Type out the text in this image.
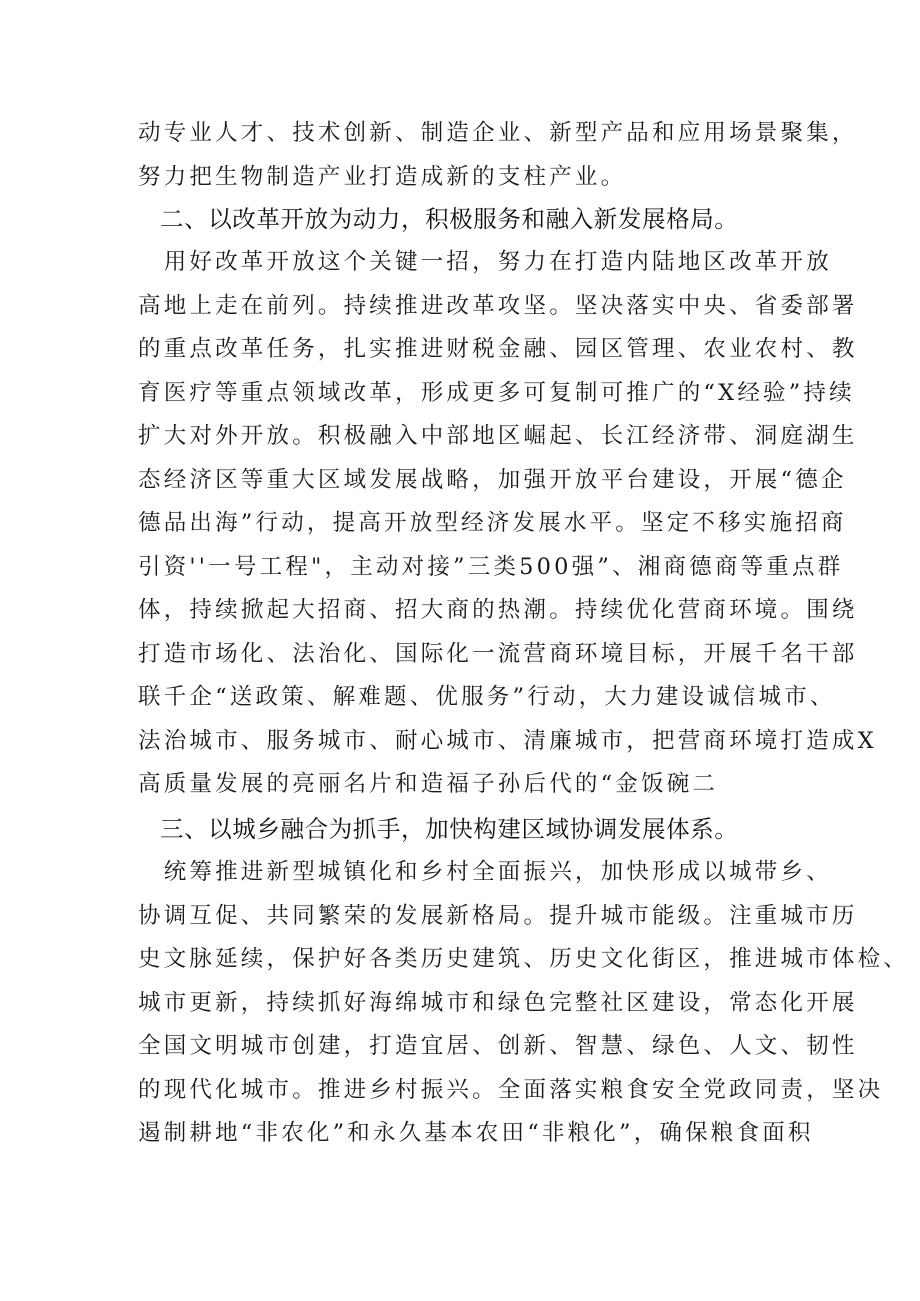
动专业人才、技术创新、制造企业、新型产品和应用场景聚集，
努力把生物制造产业打造成新的支柱产业。
二、以改革开放为动力，积极服务和融入新发展格局。
　用好改革开放这个关键一招，努力在打造内陆地区改革开放
高地上走在前列。持续推进改革攻坚。坚决落实中央、省委部署
的重点改革任务，扎实推进财税金融、园区管理、农业农村、教
育医疗等重点领域改革，形成更多可复制可推广的“X经验”持续
扩大对外开放。积极融入中部地区崛起、长江经济带、洞庭湖生
态经济区等重大区域发展战略，加强开放平台建设，开展“德企
德品出海”行动，提高开放型经济发展水平。坚定不移实施招商
引资''一号工程"，主动对接”三类500强”、湘商德商等重点群
体，持续掀起大招商、招大商的热潮。持续优化营商环境。围绕
打造市场化、法治化、国际化一流营商环境目标，开展千名干部
联千企“送政策、解难题、优服务”行动，大力建设诚信城市、
法治城市、服务城市、耐心城市、清廉城市，把营商环境打造成X
高质量发展的亮丽名片和造福子孙后代的“金饭碗二
三、以城乡融合为抓手，加快构建区域协调发展体系。
　统筹推进新型城镇化和乡村全面振兴，加快形成以城带乡、
协调互促、共同繁荣的发展新格局。提升城市能级。注重城市历
史文脉延续，保护好各类历史建筑、历史文化街区，推进城市体检、
城市更新，持续抓好海绵城市和绿色完整社区建设，常态化开展
全国文明城市创建，打造宜居、创新、智慧、绿色、人文、韧性
的现代化城市。推进乡村振兴。全面落实粮食安全党政同责，坚决
遏制耕地“非农化”和永久基本农田“非粮化”，确保粮食面积
